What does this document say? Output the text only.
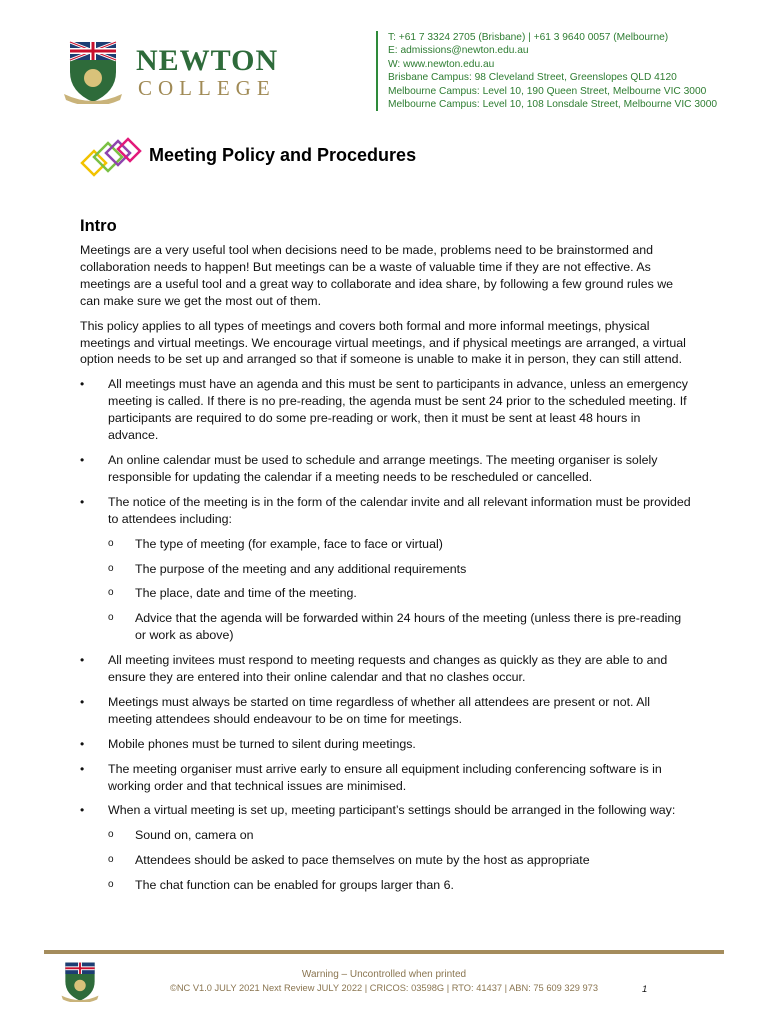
NEWTON
COLLEGE
T: +61 7 3324 2705 (Brisbane) | +61 3 9640 0057 (Melbourne)
E: admissions@newton.edu.au
W: www.newton.edu.au
Brisbane Campus: 98 Cleveland Street, Greenslopes QLD 4120
Melbourne Campus: Level 10, 190 Queen Street, Melbourne VIC 3000
Melbourne Campus: Level 10, 108 Lonsdale Street, Melbourne VIC 3000
Meeting Policy and Procedures
Intro

Meetings are a very useful tool when decisions need to be made, problems need to be brainstormed and collaboration needs to happen! But meetings can be a waste of valuable time if they are not effective. As meetings are a useful tool and a great way to collaborate and idea share, by following a few ground rules we can make sure we get the most out of them.

This policy applies to all types of meetings and covers both formal and more informal meetings, physical meetings and virtual meetings. We encourage virtual meetings, and if physical meetings are arranged, a virtual option needs to be set up and arranged so that if someone is unable to make it in person, they can still attend.

• All meetings must have an agenda and this must be sent to participants in advance, unless an emergency meeting is called. If there is no pre-reading, the agenda must be sent 24 prior to the scheduled meeting. If participants are required to do some pre-reading or work, then it must be sent at least 48 hours in advance.
• An online calendar must be used to schedule and arrange meetings. The meeting organiser is solely responsible for updating the calendar if a meeting needs to be rescheduled or cancelled.
• The notice of the meeting is in the form of the calendar invite and all relevant information must be provided to attendees including:
o The type of meeting (for example, face to face or virtual)
o The purpose of the meeting and any additional requirements
o The place, date and time of the meeting.
o Advice that the agenda will be forwarded within 24 hours of the meeting (unless there is pre-reading or work as above)
• All meeting invitees must respond to meeting requests and changes as quickly as they are able to and ensure they are entered into their online calendar and that no clashes occur.
• Meetings must always be started on time regardless of whether all attendees are present or not. All meeting attendees should endeavour to be on time for meetings.
• Mobile phones must be turned to silent during meetings.
• The meeting organiser must arrive early to ensure all equipment including conferencing software is in working order and that technical issues are minimised.
• When a virtual meeting is set up, meeting participant’s settings should be arranged in the following way:
o Sound on, camera on
o Attendees should be asked to pace themselves on mute by the host as appropriate
o The chat function can be enabled for groups larger than 6.
Warning – Uncontrolled when printed
©NC V1.0 JULY 2021 Next Review JULY 2022 | CRICOS: 03598G | RTO: 41437 | ABN: 75 609 329 973	1
